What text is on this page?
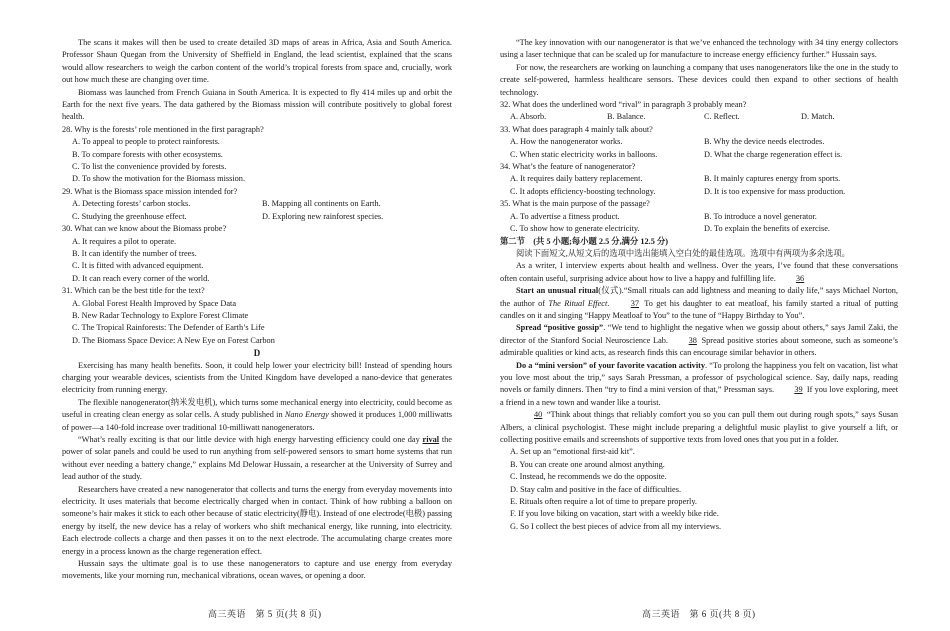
The scans it makes will then be used to create detailed 3D maps of areas in Africa, Asia and South America. Professor Shaun Quegan from the University of Sheffield in England, the lead scientist, explained that the scans would allow researchers to weigh the carbon content of the world’s tropical forests from space and, crucially, work out how much these are changing over time.

Biomass was launched from French Guiana in South America. It is expected to fly 414 miles up and orbit the Earth for the next five years. The data gathered by the Biomass mission will contribute positively to global forest health.

28. Why is the forests’ role mentioned in the first paragraph?

A. To appeal to people to protect rainforests.

B. To compare forests with other ecosystems.

C. To list the convenience provided by forests.

D. To show the motivation for the Biomass mission.

29. What is the Biomass space mission intended for?

A. Detecting forests’ carbon stocks.	B. Mapping all continents on Earth.
C. Studying the greenhouse effect.	D. Exploring new rainforest species.

30. What can we know about the Biomass probe?

A. It requires a pilot to operate.

B. It can identify the number of trees.

C. It is fitted with advanced equipment.

D. It can reach every corner of the world.

31. Which can be the best title for the text?

A. Global Forest Health Improved by Space Data

B. New Radar Technology to Explore Forest Climate

C. The Tropical Rainforests: The Defender of Earth’s Life

D. The Biomass Space Device: A New Eye on Forest Carbon

D

Exercising has many health benefits. Soon, it could help lower your electricity bill! Instead of spending hours charging your wearable devices, scientists from the United Kingdom have developed a nano-device that generates electricity from running energy.

The flexible nanogenerator(纳米发电机), which turns some mechanical energy into electricity, could become as useful in creating clean energy as solar cells. A study published in Nano Energy showed it produces 1,000 milliwatts of power—a 140-fold increase over traditional 10-milliwatt nanogenerators.

“What’s really exciting is that our little device with high energy harvesting efficiency could one day rival the power of solar panels and could be used to run anything from self-powered sensors to smart home systems that run without ever needing a battery change,” explains Md Delowar Hussain, a researcher at the University of Surrey and lead author of the study.

Researchers have created a new nanogenerator that collects and turns the energy from everyday movements into electricity. It uses materials that become electrically charged when in contact. Think of how rubbing a balloon on someone’s hair makes it stick to each other because of static electricity(静电). Instead of one electrode(电极) passing energy by itself, the new device has a relay of workers who shift mechanical energy, like running, into electricity. Each electrode collects a charge and then passes it on to the next electrode. The accumulating charge creates more energy in a process known as the charge regeneration effect.

Hussain says the ultimate goal is to use these nanogenerators to capture and use energy from everyday movements, like your morning run, mechanical vibrations, ocean waves, or opening a door.

高三英语　第 5 页(共 8 页)

“The key innovation with our nanogenerator is that we’ve enhanced the technology with 34 tiny energy collectors using a laser technique that can be scaled up for manufacture to increase energy efficiency further.” Hussain says.

For now, the researchers are working on launching a company that uses nanogenerators like the one in the study to create self-powered, harmless healthcare sensors. These devices could then expand to other sections of health technology.

32. What does the underlined word “rival” in paragraph 3 probably mean?

A. Absorb.	B. Balance.	C. Reflect.	D. Match.

33. What does paragraph 4 mainly talk about?

A. How the nanogenerator works.	B. Why the device needs electrodes.
C. When static electricity works in balloons.	D. What the charge regeneration effect is.

34. What’s the feature of nanogenerator?

A. It requires daily battery replacement.	B. It mainly captures energy from sports.
C. It adopts efficiency-boosting technology.	D. It is too expensive for mass production.

35. What is the main purpose of the passage?

A. To advertise a fitness product.	B. To introduce a novel generator.
C. To show how to generate electricity.	D. To explain the benefits of exercise.

第二节　(共 5 小题;每小题 2.5 分,满分 12.5 分)

阅读下面短文,从短文后的选项中选出能填入空白处的最佳选项。选项中有两项为多余选项。

As a writer, I interview experts about health and wellness. Over the years, I’ve found that these conversations often contain useful, surprising advice about how to live a happy and fulfilling life. 36

Start an unusual ritual(仪式).“Small rituals can add lightness and meaning to daily life,” says Michael Norton, the author of The Ritual Effect. 37 To get his daughter to eat meatloaf, his family started a ritual of putting candles on it and singing “Happy Meatloaf to You” to the tune of “Happy Birthday to You”.

Spread “positive gossip”. “We tend to highlight the negative when we gossip about others,” says Jamil Zaki, the director of the Stanford Social Neuroscience Lab. 38 Spread positive stories about someone, such as someone’s admirable qualities or kind acts, as research finds this can encourage similar behavior in others.

Do a “mini version” of your favorite vacation activity. “To prolong the happiness you felt on vacation, list what you love most about the trip,” says Sarah Pressman, a professor of psychological science. Say, daily naps, reading novels or family dinners. Then “try to find a mini version of that,” Pressman says. 39 If you love exploring, meet a friend in a new town and wander like a tourist.

40 “Think about things that reliably comfort you so you can pull them out during rough spots,” says Susan Albers, a clinical psychologist. These might include preparing a delightful music playlist to give yourself a lift, or collecting positive emails and screenshots of supportive texts from loved ones that you put in a folder.

A. Set up an “emotional first-aid kit”.

B. You can create one around almost anything.

C. Instead, he recommends we do the opposite.

D. Stay calm and positive in the face of difficulties.

E. Rituals often require a lot of time to prepare properly.

F. If you love biking on vacation, start with a weekly bike ride.

G. So I collect the best pieces of advice from all my interviews.

高三英语　第 6 页(共 8 页)
